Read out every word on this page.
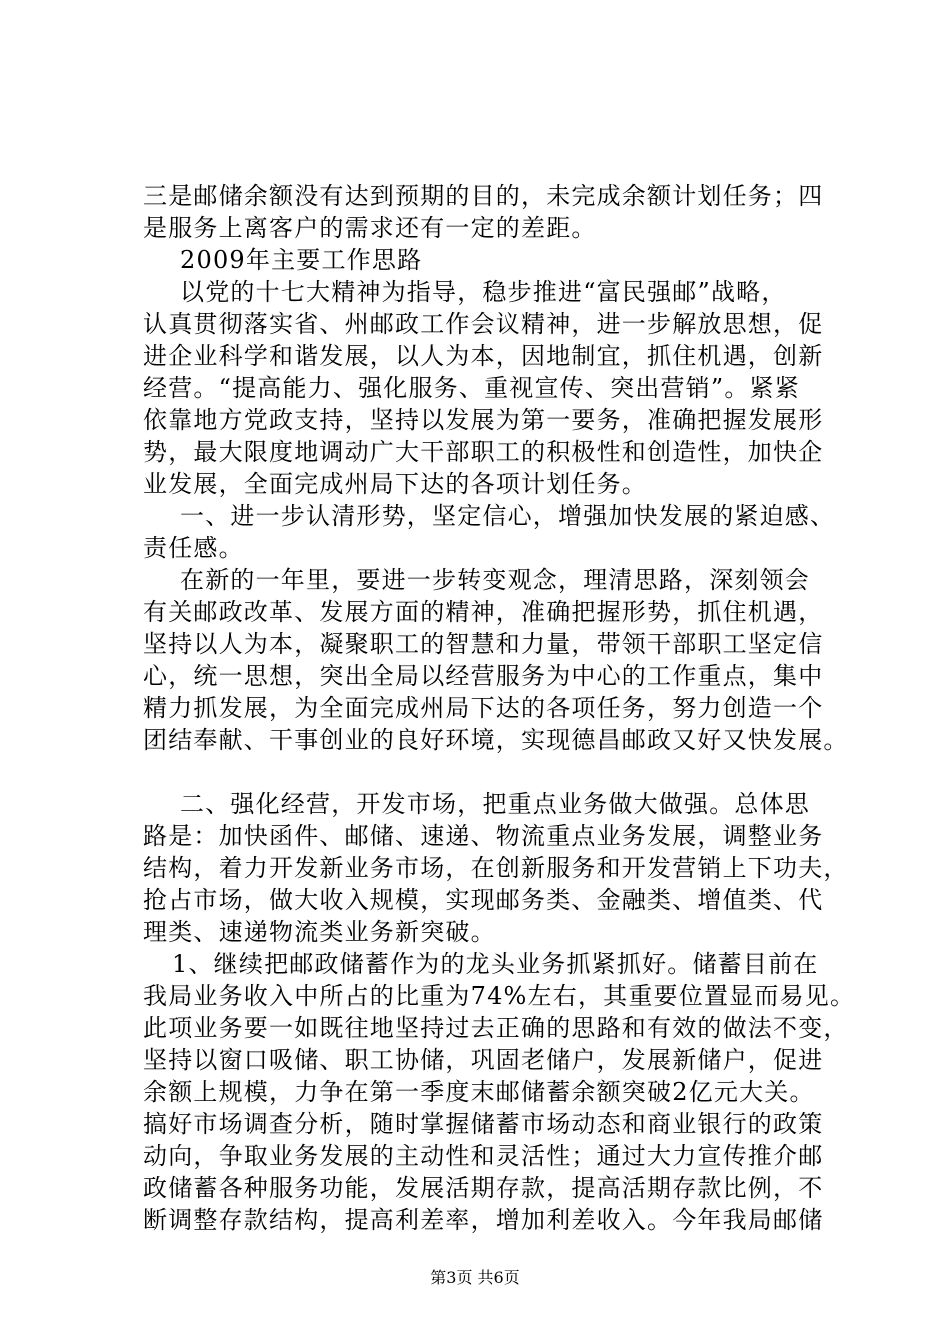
三是邮储余额没有达到预期的目的，未完成余额计划任务；四
是服务上离客户的需求还有一定的差距。
2009年主要工作思路
以党的十七大精神为指导，稳步推进“富民强邮”战略，
认真贯彻落实省、州邮政工作会议精神，进一步解放思想，促
进企业科学和谐发展，以人为本，因地制宜，抓住机遇，创新
经营。“提高能力、强化服务、重视宣传、突出营销”。紧紧
依靠地方党政支持，坚持以发展为第一要务，准确把握发展形
势，最大限度地调动广大干部职工的积极性和创造性，加快企
业发展，全面完成州局下达的各项计划任务。
一、进一步认清形势，坚定信心，增强加快发展的紧迫感、
责任感。
在新的一年里，要进一步转变观念，理清思路，深刻领会
有关邮政改革、发展方面的精神，准确把握形势，抓住机遇，
坚持以人为本，凝聚职工的智慧和力量，带领干部职工坚定信
心，统一思想，突出全局以经营服务为中心的工作重点，集中
精力抓发展，为全面完成州局下达的各项任务，努力创造一个
团结奉献、干事创业的良好环境，实现德昌邮政又好又快发展。
二、强化经营，开发市场，把重点业务做大做强。总体思
路是：加快函件、邮储、速递、物流重点业务发展，调整业务
结构，着力开发新业务市场，在创新服务和开发营销上下功夫，
抢占市场，做大收入规模，实现邮务类、金融类、增值类、代
理类、速递物流类业务新突破。
1、继续把邮政储蓄作为的龙头业务抓紧抓好。储蓄目前在
我局业务收入中所占的比重为74%左右，其重要位置显而易见。
此项业务要一如既往地坚持过去正确的思路和有效的做法不变，
坚持以窗口吸储、职工协储，巩固老储户，发展新储户，促进
余额上规模，力争在第一季度末邮储蓄余额突破2亿元大关。
搞好市场调查分析，随时掌握储蓄市场动态和商业银行的政策
动向，争取业务发展的主动性和灵活性；通过大力宣传推介邮
政储蓄各种服务功能，发展活期存款，提高活期存款比例，不
断调整存款结构，提高利差率，增加利差收入。今年我局邮储
第3页 共6页
